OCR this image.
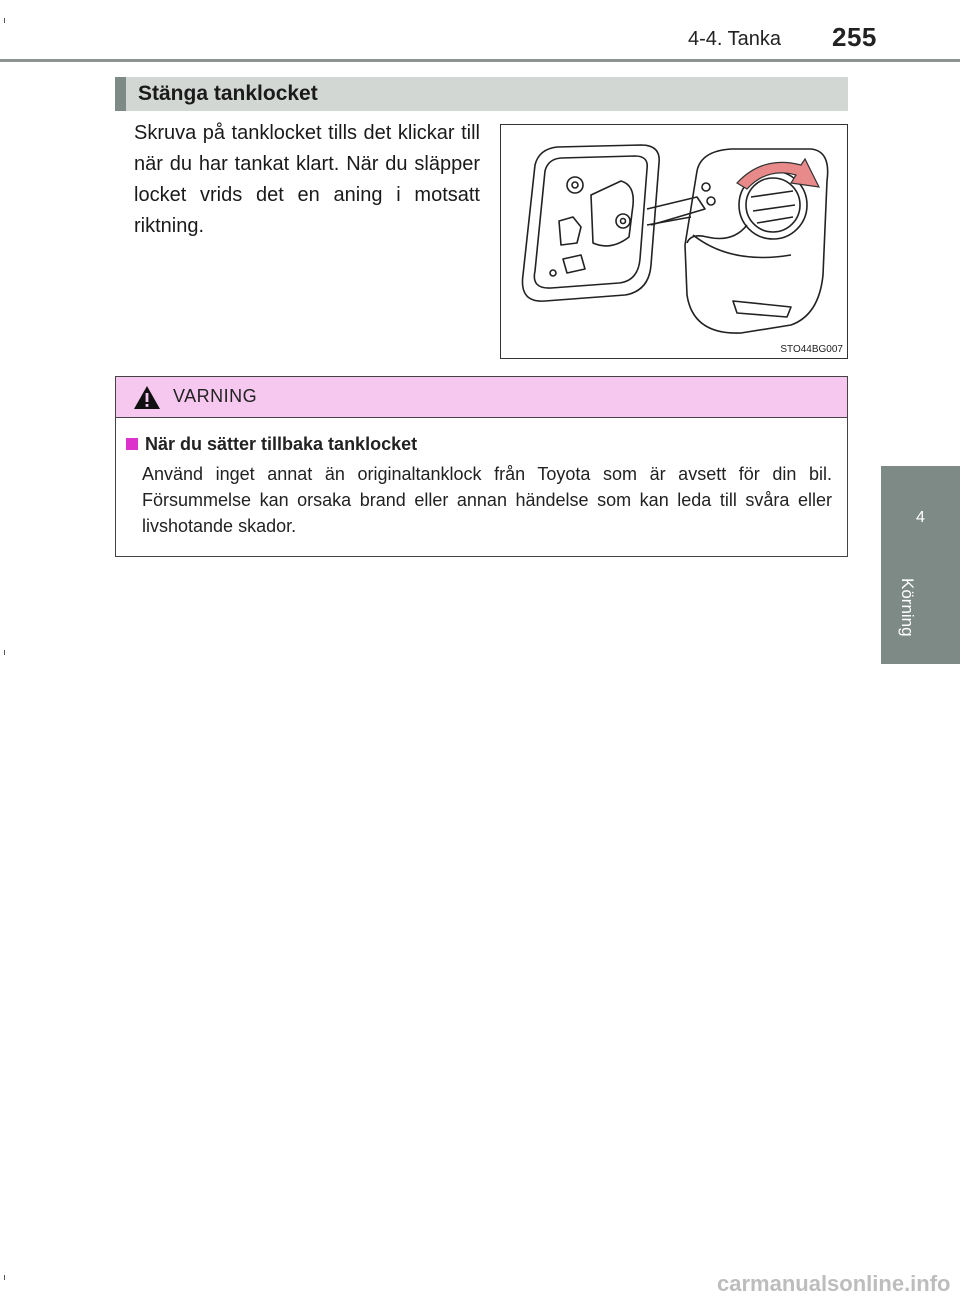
4-4. Tanka 255
4
Körning
Stänga tanklocket
Skruva på tanklocket tills det klickar till när du har tankat klart. När du släpper locket vrids det en aning i motsatt riktning.
STO44BG007
VARNING
När du sätter tillbaka tanklocket
Använd inget annat än originaltanklock från Toyota som är avsett för din bil. Försummelse kan orsaka brand eller annan händelse som kan leda till svåra eller livshotande skador.
carmanualsonline.info
